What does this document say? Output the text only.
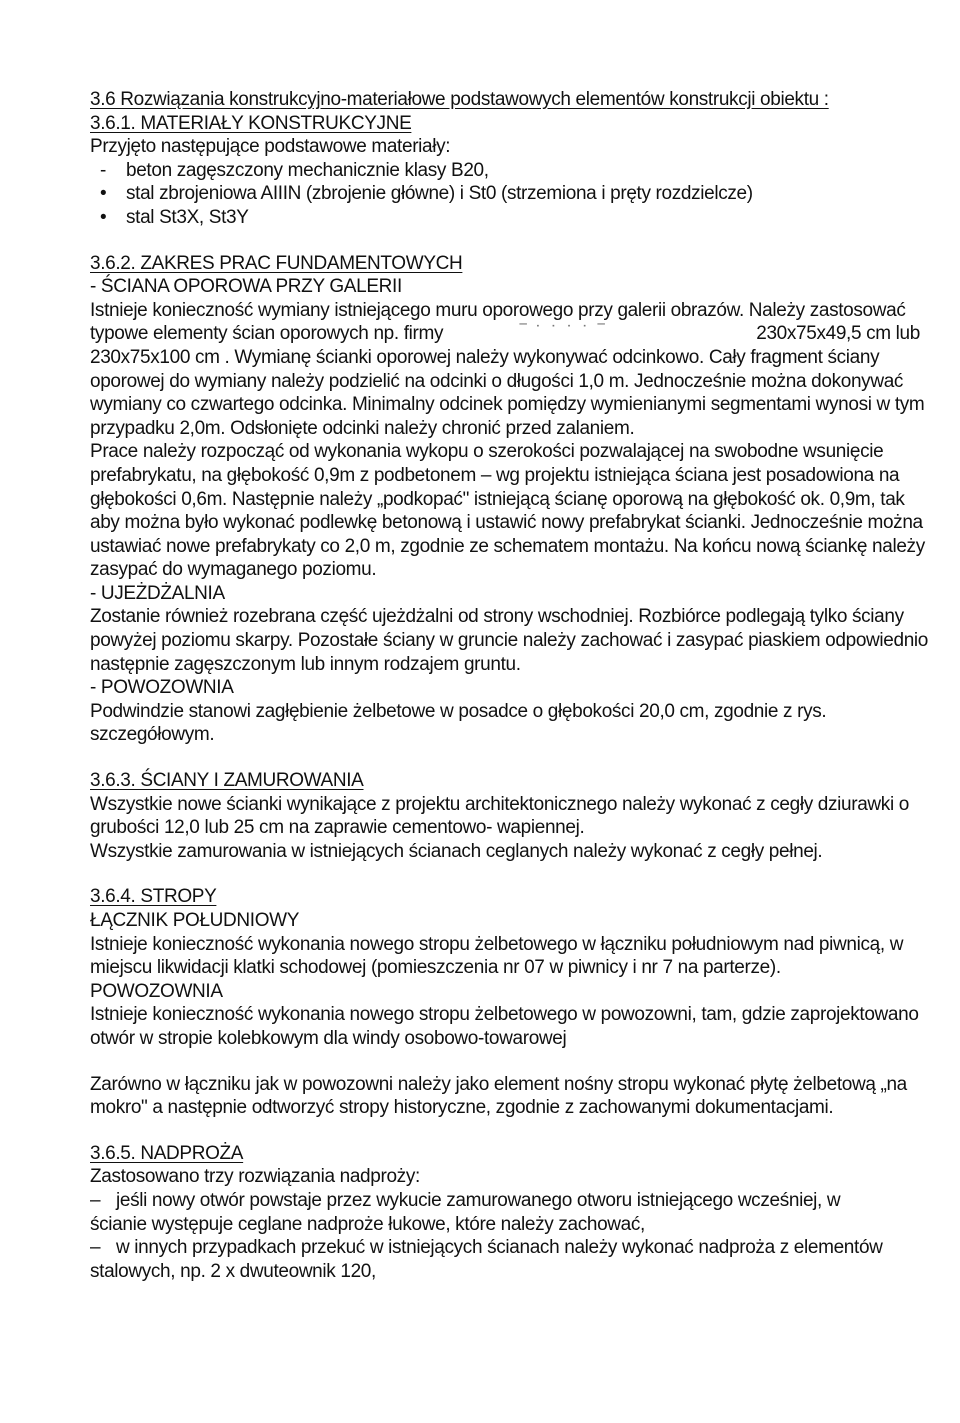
3.6 Rozwiązania konstrukcyjno-materiałowe podstawowych elementów konstrukcji obiektu :
3.6.1. MATERIAŁY KONSTRUKCYJNE
Przyjęto następujące podstawowe materiały:
- beton zagęszczony mechanicznie klasy B20,
• stal zbrojeniowa AIIIN (zbrojenie główne) i St0 (strzemiona i pręty rozdzielcze)
• stal St3X, St3Y
3.6.2. ZAKRES PRAC FUNDAMENTOWYCH
- ŚCIANA OPOROWA PRZY GALERII
Istnieje konieczność wymiany istniejącego muru oporowego przy galerii obrazów. Należy zastosować
typowe elementy ścian oporowych np. firmy	‾ ˙ ˙ ˙ ˙ ‾	230x75x49,5 cm lub
230x75x100 cm . Wymianę ścianki oporowej należy wykonywać odcinkowo. Cały fragment ściany
oporowej do wymiany należy podzielić na odcinki o długości 1,0 m. Jednocześnie można dokonywać
wymiany co czwartego odcinka. Minimalny odcinek pomiędzy wymienianymi segmentami wynosi w tym
przypadku 2,0m. Odsłonięte odcinki należy chronić przed zalaniem.
Prace należy rozpocząć od wykonania wykopu o szerokości pozwalającej na swobodne wsunięcie
prefabrykatu, na głębokość 0,9m z podbetonem – wg projektu istniejąca ściana jest posadowiona na
głębokości 0,6m. Następnie należy „podkopać" istniejącą ścianę oporową na głębokość ok. 0,9m, tak
aby można było wykonać podlewkę betonową i ustawić nowy prefabrykat ścianki. Jednocześnie można
ustawiać nowe prefabrykaty co 2,0 m, zgodnie ze schematem montażu. Na końcu nową ściankę należy
zasypać do wymaganego poziomu.
- UJEŻDŻALNIA
Zostanie również rozebrana część ujeżdżalni od strony wschodniej. Rozbiórce podlegają tylko ściany
powyżej poziomu skarpy. Pozostałe ściany w gruncie należy zachować i zasypać piaskiem odpowiednio
następnie zagęszczonym lub innym rodzajem gruntu.
- POWOZOWNIA
Podwindzie stanowi zagłębienie żelbetowe w posadce o głębokości 20,0 cm, zgodnie z rys.
szczegółowym.
3.6.3. ŚCIANY I ZAMUROWANIA
Wszystkie nowe ścianki wynikające z projektu architektonicznego należy wykonać z cegły dziurawki o
grubości 12,0 lub 25 cm na zaprawie cementowo- wapiennej.
Wszystkie zamurowania w istniejących ścianach ceglanych należy wykonać z cegły pełnej.
3.6.4. STROPY
ŁĄCZNIK POŁUDNIOWY
Istnieje konieczność wykonania nowego stropu żelbetowego w łączniku południowym nad piwnicą, w
miejscu likwidacji klatki schodowej (pomieszczenia nr 07 w piwnicy i nr 7 na parterze).
POWOZOWNIA
Istnieje konieczność wykonania nowego stropu żelbetowego w powozowni, tam, gdzie zaprojektowano
otwór w stropie kolebkowym dla windy osobowo-towarowej
Zarówno w łączniku jak w powozowni należy jako element nośny stropu wykonać płytę żelbetową „na
mokro" a następnie odtworzyć stropy historyczne, zgodnie z zachowanymi dokumentacjami.
3.6.5. NADPROŻA
Zastosowano trzy rozwiązania nadproży:
– jeśli nowy otwór powstaje przez wykucie zamurowanego otworu istniejącego wcześniej, w
ścianie występuje ceglane nadproże łukowe, które należy zachować,
– w innych przypadkach przekuć w istniejących ścianach należy wykonać nadproża z elementów
stalowych, np. 2 x dwuteownik 120,
